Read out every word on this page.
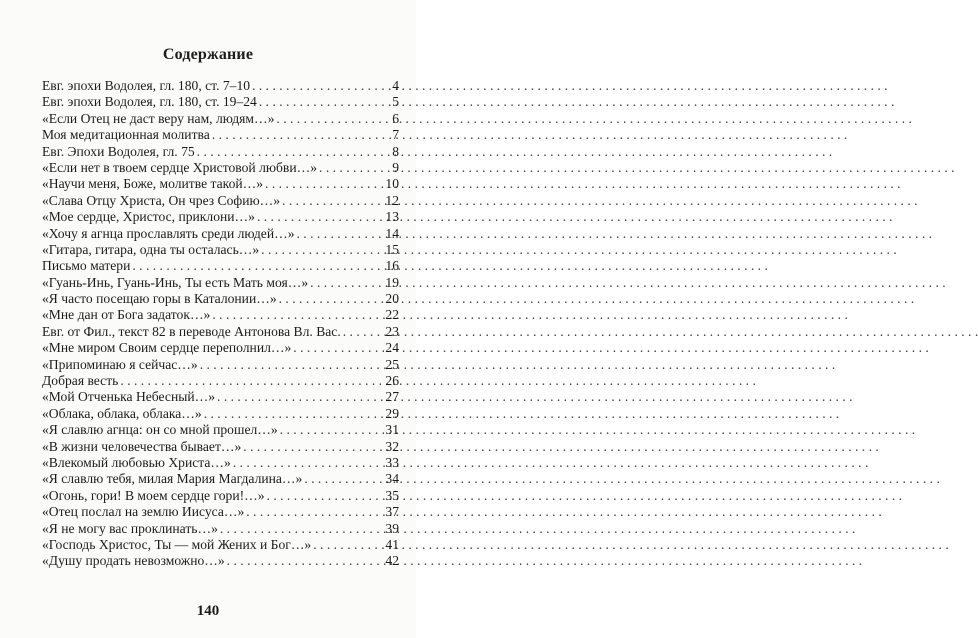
Содержание
Евг. эпохи Водолея, гл. 180, ст. 7–10 . . .	4
Евг. эпохи Водолея, гл. 180, ст. 19–24 . . .	5
«Если Отец не даст веру нам, людям…» . . .	6
Моя медитационная молитва . . .	7
Евг. Эпохи Водолея, гл. 75 . . .	8
«Если нет в твоем сердце Христовой любви…» . . .	9
«Научи меня, Боже, молитве такой…» . . .	10
«Слава Отцу Христа, Он чрез Софию…» . . .	12
«Мое сердце, Христос, приклони…» . . .	13
«Хочу я агнца прославлять среди людей…» . . .	14
«Гитара, гитара, одна ты осталась…» . . .	15
Письмо матери . . .	16
«Гуань-Инь, Гуань-Инь, Ты есть Мать моя…» . . .	19
«Я часто посещаю горы в Каталонии…» . . .	20
«Мне дан от Бога задаток…» . . .	22
Евг. от Фил., текст 82 в переводе Антонова Вл. Вас. . . .	23
«Мне миром Своим сердце переполнил…» . . .	24
«Припоминаю я сейчас…» . . .	25
Добрая весть . . .	26
«Мой Отченька Небесный…» . . .	27
«Облака, облака, облака…» . . .	29
«Я славлю агнца: он со мной прошел…» . . .	31
«В жизни человечества бывает…» . . .	32
«Влекомый любовью Христа…» . . .	33
«Я славлю тебя, милая Мария Магдалина…» . . .	34
«Огонь, гори! В моем сердце гори!…» . . .	35
«Отец послал на землю Иисуса…» . . .	37
«Я не могу вас проклинать…» . . .	39
«Господь Христос, Ты — мой Жених и Бог…» . . .	41
«Душу продать невозможно…» . . .	42
140
